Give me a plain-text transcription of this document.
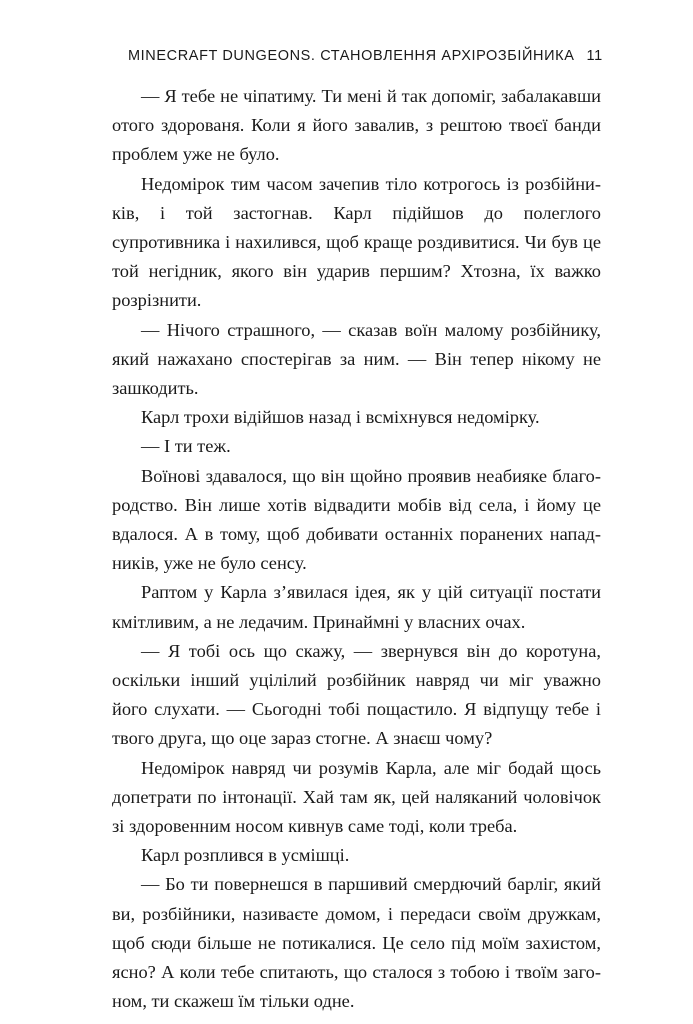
MINECRAFT DUNGEONS. СТАНОВЛЕННЯ АРХІРОЗБІЙНИКА 11

— Я тебе не чіпатиму. Ти мені й так допоміг, забалакавши отого здорованя. Коли я його завалив, з рештою твоєї банди проблем уже не було.

Недомірок тим часом зачепив тіло котрогось із розбійників, і той застогнав. Карл підійшов до полеглого супротивника і нахилився, щоб краще роздивитися. Чи був це той негідник, якого він ударив першим? Хтозна, їх важко розрізнити.

— Нічого страшного, — сказав воїн малому розбійнику, який нажахано спостерігав за ним. — Він тепер нікому не зашкодить.

Карл трохи відійшов назад і всміхнувся недомірку.

— І ти теж.

Воїнові здавалося, що він щойно проявив неабияке благородство. Він лише хотів відвадити мобів від села, і йому це вдалося. А в тому, щоб добивати останніх поранених нападників, уже не було сенсу.

Раптом у Карла з’явилася ідея, як у цій ситуації постати кмітливим, а не ледачим. Принаймні у власних очах.

— Я тобі ось що скажу, — звернувся він до коротуна, оскільки інший уцілілий розбійник навряд чи міг уважно його слухати. — Сьогодні тобі пощастило. Я відпущу тебе і твого друга, що оце зараз стогне. А знаєш чому?

Недомірок навряд чи розумів Карла, але міг бодай щось допетрати по інтонації. Хай там як, цей наляканий чоловічок зі здоровенним носом кивнув саме тоді, коли треба.

Карл розплився в усмішці.

— Бо ти повернешся в паршивий смердючий барліг, який ви, розбійники, називаєте домом, і передаси своїм дружкам, щоб сюди більше не потикалися. Це село під моїм захистом, ясно? А коли тебе спитають, що сталося з тобою і твоїм загоном, ти скажеш їм тільки одне.
